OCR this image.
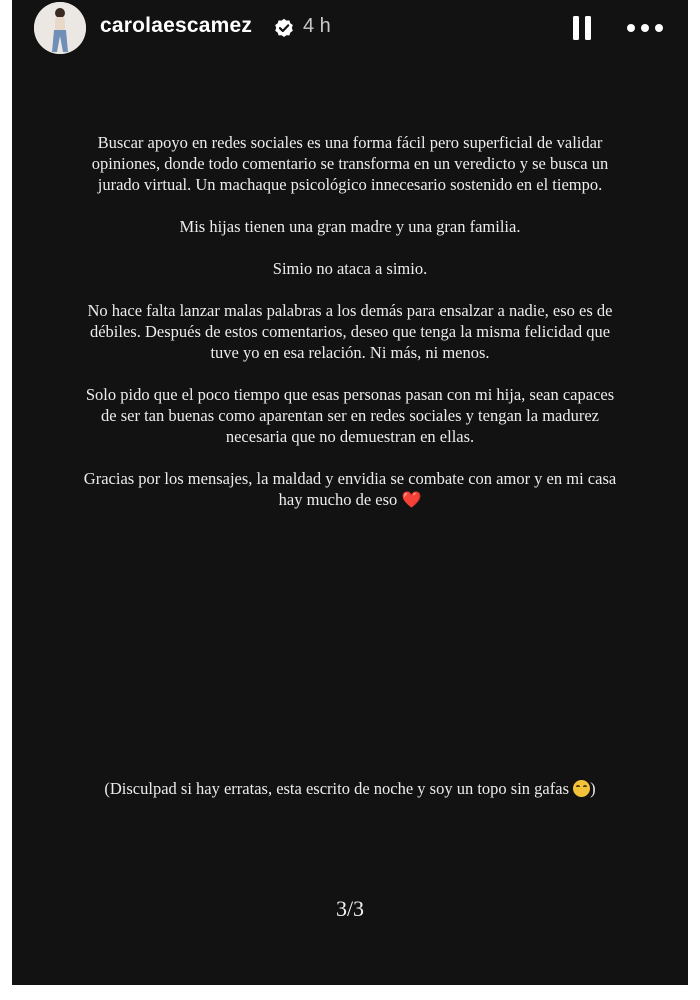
carolaescamez	4 h

Buscar apoyo en redes sociales es una forma fácil pero superficial de validar opiniones, donde todo comentario se transforma en un veredicto y se busca un jurado virtual. Un machaque psicológico innecesario sostenido en el tiempo.

Mis hijas tienen una gran madre y una gran familia.

Simio no ataca a simio.

No hace falta lanzar malas palabras a los demás para ensalzar a nadie, eso es de débiles. Después de estos comentarios, deseo que tenga la misma felicidad que tuve yo en esa relación. Ni más, ni menos.

Solo pido que el poco tiempo que esas personas pasan con mi hija, sean capaces de ser tan buenas como aparentan ser en redes sociales y tengan la madurez necesaria que no demuestran en ellas.

Gracias por los mensajes, la maldad y envidia se combate con amor y en mi casa hay mucho de eso ❤️

(Disculpad si hay erratas, esta escrito de noche y soy un topo sin gafas )
3/3
